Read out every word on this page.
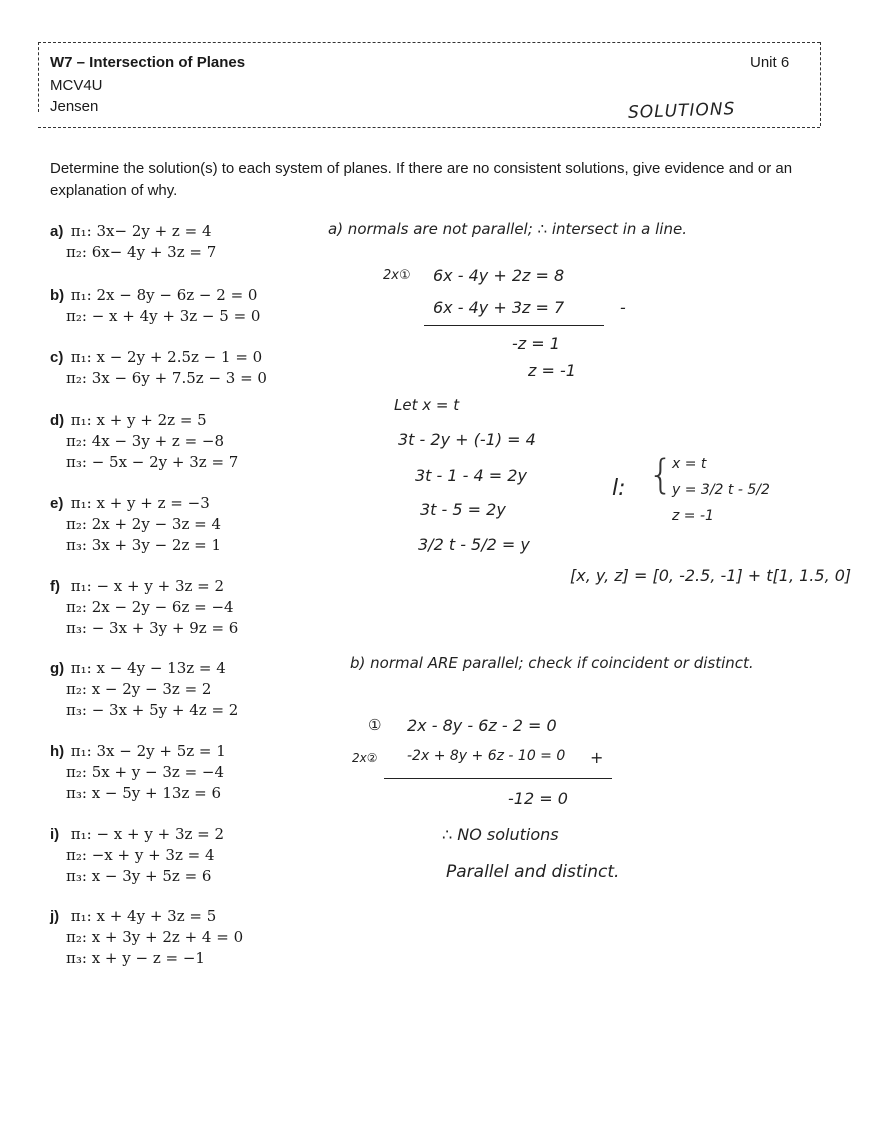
W7 – Intersection of Planes
MCV4U
Jensen
Unit 6
SOLUTIONS
Determine the solution(s) to each system of planes. If there are no consistent solutions, give evidence and or an explanation of why.
a) π₁: 3x− 2y + z = 4
π₂: 6x− 4y + 3z = 7
b) π₁: 2x − 8y − 6z − 2 = 0
π₂: − x + 4y + 3z − 5 = 0
c) π₁: x − 2y + 2.5z − 1 = 0
π₂: 3x − 6y + 7.5z − 3 = 0
d) π₁: x + y + 2z = 5
π₂: 4x − 3y + z = −8
π₃: − 5x − 2y + 3z = 7
e) π₁: x + y + z = −3
π₂: 2x + 2y − 3z = 4
π₃: 3x + 3y − 2z = 1
f) π₁: − x + y + 3z = 2
π₂: 2x − 2y − 6z = −4
π₃: − 3x + 3y + 9z = 6
g) π₁: x − 4y − 13z = 4
π₂: x − 2y − 3z = 2
π₃: − 3x + 5y + 4z = 2
h) π₁: 3x − 2y + 5z = 1
π₂: 5x + y − 3z = −4
π₃: x − 5y + 13z = 6
i) π₁: − x + y + 3z = 2
π₂: −x + y + 3z = 4
π₃: x − 3y + 5z = 6
j) π₁: x + 4y + 3z = 5
π₂: x + 3y + 2z + 4 = 0
π₃: x + y − z = −1
a) normals are not parallel; ∴ intersect in a line.
2x① 6x - 4y + 2z = 8
6x - 4y + 3z = 7	-
-z = 1
z = -1
Let x = t
3t - 2y + (-1) = 4
3t - 1 - 4 = 2y
3t - 5 = 2y
3/2 t - 5/2 = y
l: {
x = t
y = 3/2 t - 5/2
z = -1
[x, y, z] = [0, -2.5, -1] + t[1, 1.5, 0]
b) normal ARE parallel; check if coincident or distinct.
① 2x - 8y - 6z - 2 = 0
2x② -2x + 8y + 6z - 10 = 0 +
-12 = 0
∴ NO solutions
Parallel and distinct.
